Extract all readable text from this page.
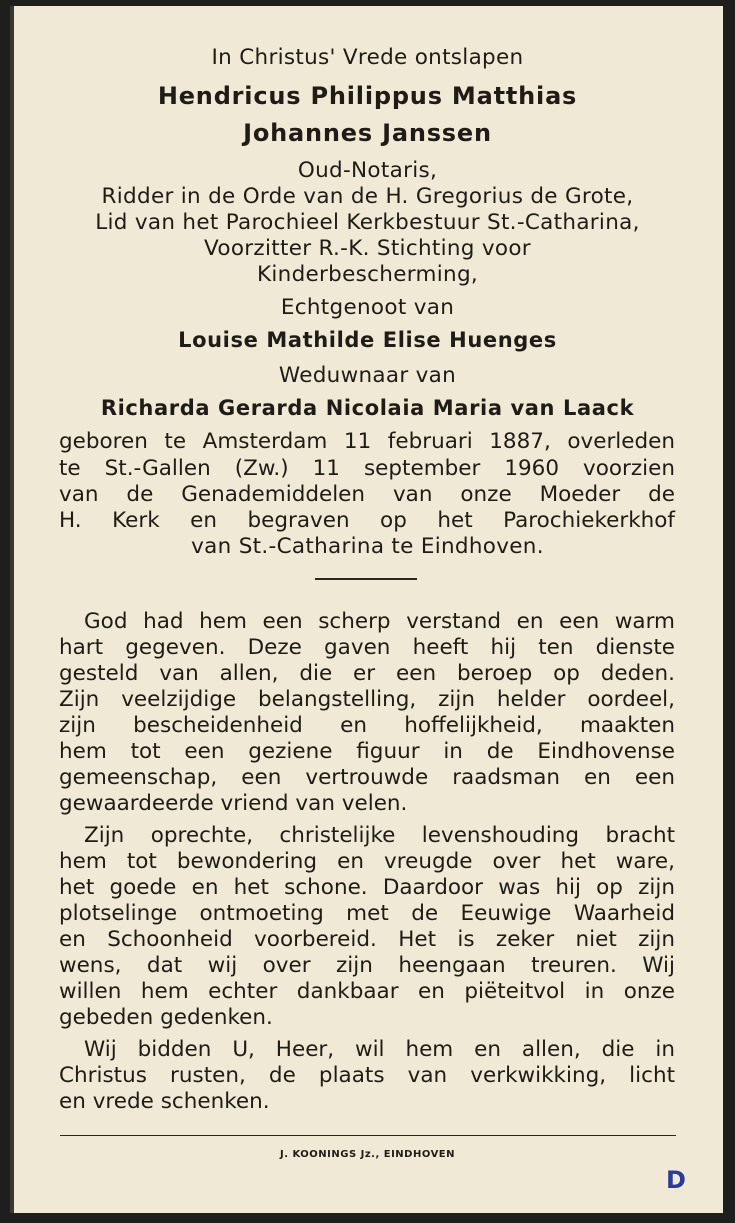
In Christus' Vrede ontslapen
Hendricus Philippus Matthias
Johannes Janssen
Oud-Notaris,
Ridder in de Orde van de H. Gregorius de Grote,
Lid van het Parochieel Kerkbestuur St.-Catharina,
Voorzitter R.-K. Stichting voor
Kinderbescherming,
Echtgenoot van
Louise Mathilde Elise Huenges
Weduwnaar van
Richarda Gerarda Nicolaia Maria van Laack
geboren te Amsterdam 11 februari 1887, overleden
te St.-Gallen (Zw.) 11 september 1960 voorzien
van de Genademiddelen van onze Moeder de
H. Kerk en begraven op het Parochiekerkhof
van St.-Catharina te Eindhoven.
God had hem een scherp verstand en een warm
hart gegeven. Deze gaven heeft hij ten dienste
gesteld van allen, die er een beroep op deden.
Zijn veelzijdige belangstelling, zijn helder oordeel,
zijn bescheidenheid en hoffelijkheid, maakten
hem tot een geziene figuur in de Eindhovense
gemeenschap, een vertrouwde raadsman en een
gewaardeerde vriend van velen.
Zijn oprechte, christelijke levenshouding bracht
hem tot bewondering en vreugde over het ware,
het goede en het schone. Daardoor was hij op zijn
plotselinge ontmoeting met de Eeuwige Waarheid
en Schoonheid voorbereid. Het is zeker niet zijn
wens, dat wij over zijn heengaan treuren. Wij
willen hem echter dankbaar en piëteitvol in onze
gebeden gedenken.
Wij bidden U, Heer, wil hem en allen, die in
Christus rusten, de plaats van verkwikking, licht
en vrede schenken.
J. KOONINGS Jz., EINDHOVEN
D
